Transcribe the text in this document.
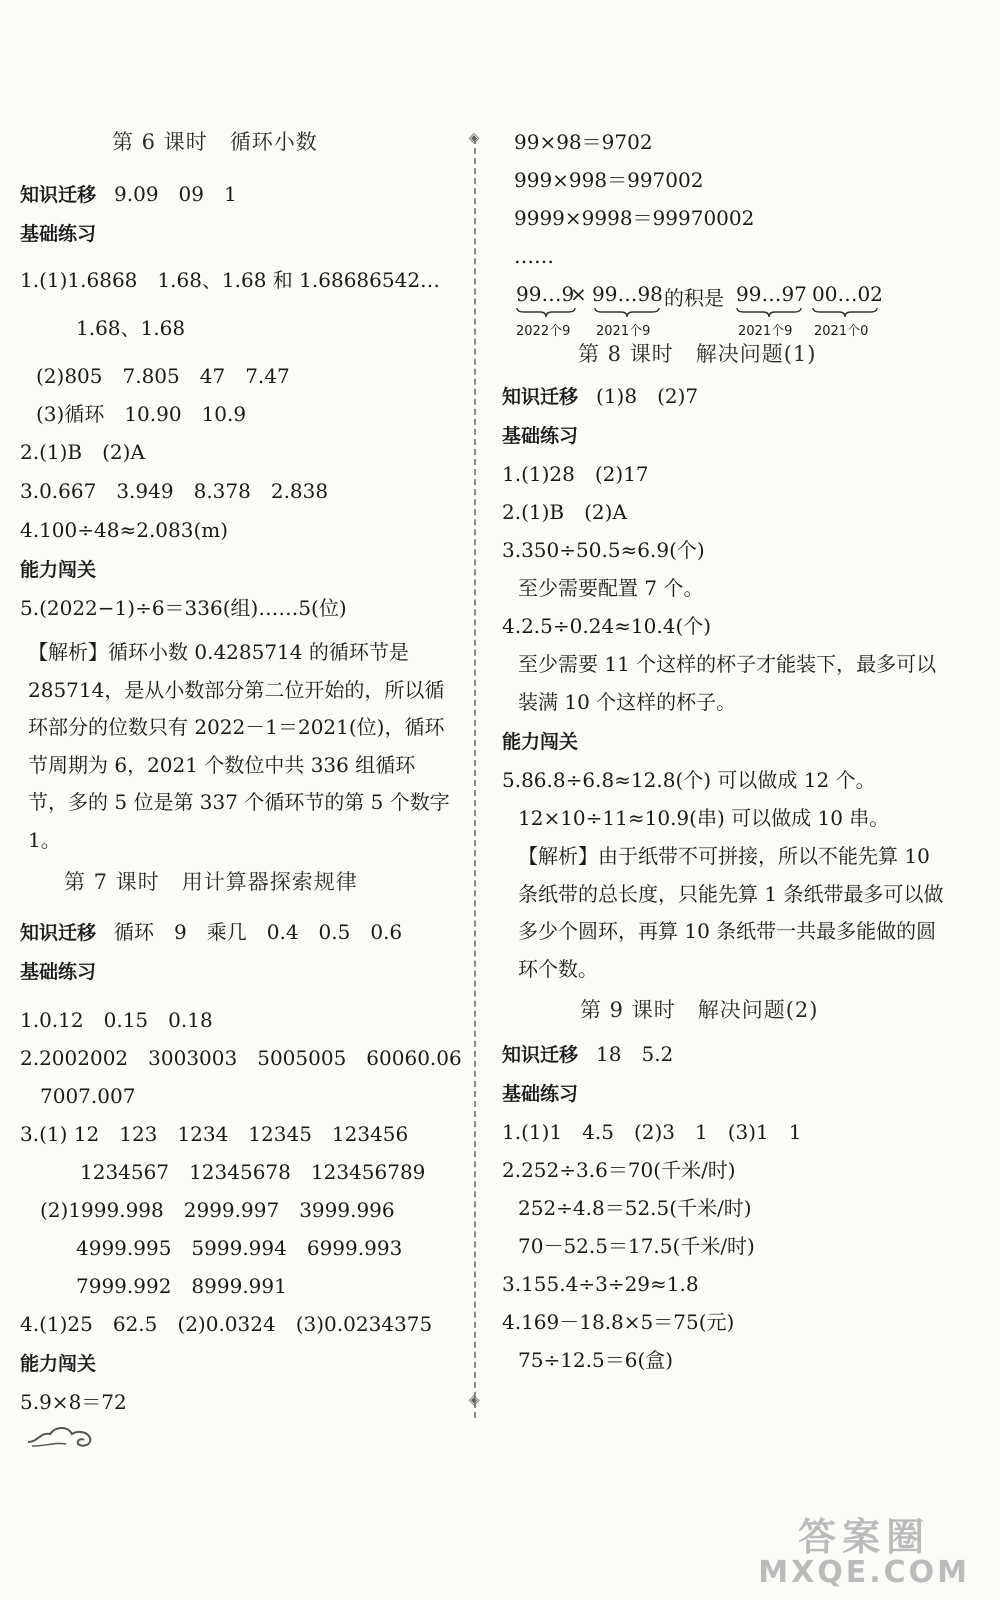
◈
◈
第 6 课时　循环小数
知识迁移 9.09　09　1
基础练习
1.(1)1.6868　1.68、1.68 和 1.68686542…
1.68、1.68
(2)805　7.805　47　7.47
(3)循环　10.90　10.9
2.(1)B　(2)A
3.0.667　3.949　8.378　2.838
4.100÷48≈2.083(m)
能力闯关
5.(2022−1)÷6＝336(组)……5(位)
【解析】循环小数 0.4285714 的循环节是 285714，是从小数部分第二位开始的，所以循环部分的位数只有 2022－1＝2021(位)，循环节周期为 6，2021 个数位中共 336 组循环节，多的 5 位是第 337 个循环节的第 5 个数字 1。
第 7 课时　用计算器探索规律
知识迁移 循环　9　乘几　0.4　0.5　0.6
基础练习
1.0.12　0.15　0.18
2.2002002　3003003　5005005　60060.06
7007.007
3.(1) 12　123　1234　12345　123456
1234567　12345678　123456789
(2)1999.998　2999.997　3999.996
4999.995　5999.994　6999.993
7999.992　8999.991
4.(1)25　62.5　(2)0.0324　(3)0.0234375
能力闯关
5.9×8＝72
99×98＝9702
999×998＝997002
9999×9998＝99970002
……
99…9
× 99…98 的积是 99…97 00…02
2022个9 2021个9	2021个9 2021个0
第 8 课时　解决问题(1)
知识迁移 (1)8　(2)7
基础练习
1.(1)28　(2)17
2.(1)B　(2)A
3.350÷50.5≈6.9(个)
至少需要配置 7 个。
4.2.5÷0.24≈10.4(个)
至少需要 11 个这样的杯子才能装下，最多可以装满 10 个这样的杯子。
能力闯关
5.86.8÷6.8≈12.8(个) 可以做成 12 个。
12×10÷11≈10.9(串) 可以做成 10 串。
【解析】由于纸带不可拼接，所以不能先算 10 条纸带的总长度，只能先算 1 条纸带最多可以做多少个圆环，再算 10 条纸带一共最多能做的圆环个数。
第 9 课时　解决问题(2)
知识迁移 18　5.2
基础练习
1.(1)1　4.5　(2)3　1　(3)1　1
2.252÷3.6＝70(千米/时)
252÷4.8＝52.5(千米/时)
70－52.5＝17.5(千米/时)
3.155.4÷3÷29≈1.8
4.169－18.8×5＝75(元)
75÷12.5＝6(盒)
答案圈
MXQE.COM
